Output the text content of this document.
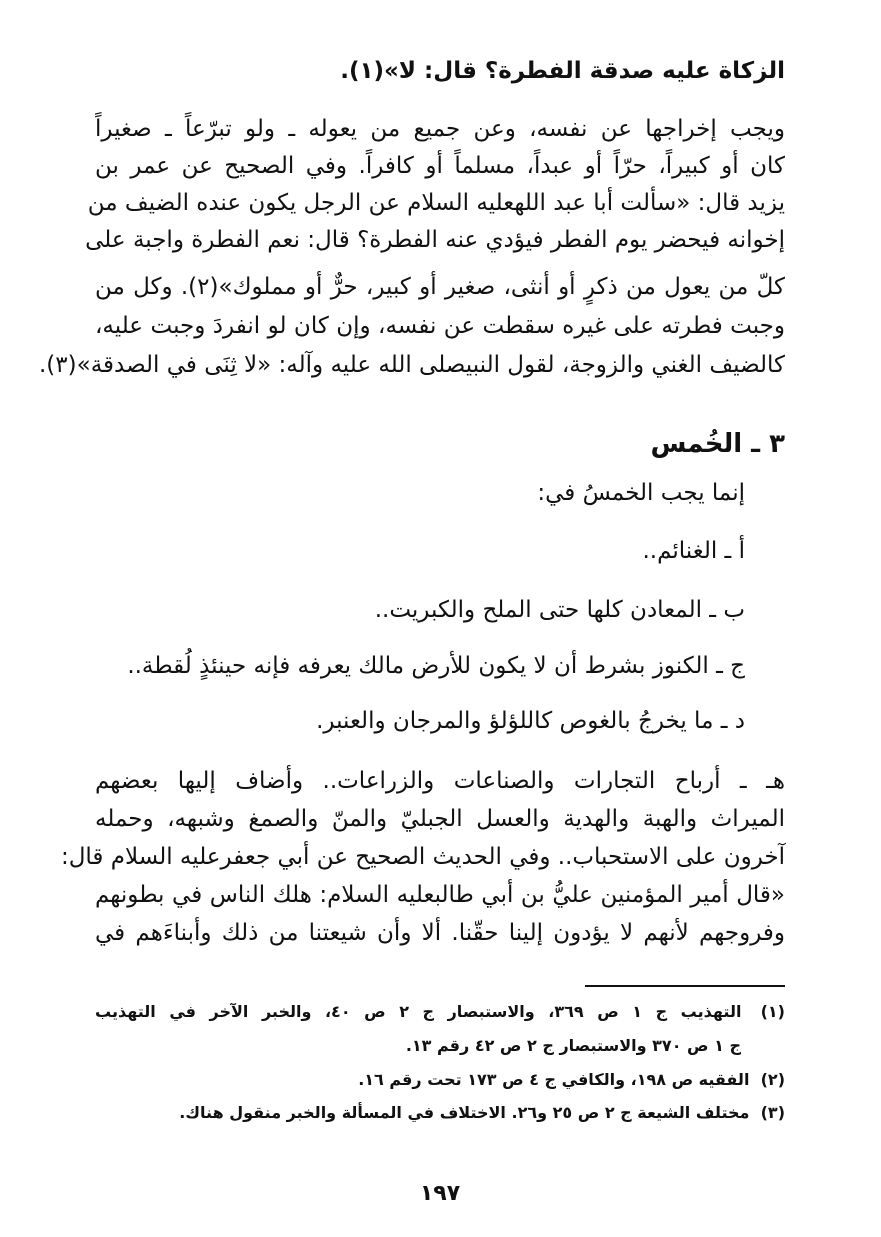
الزكاة عليه صدقة الفطرة؟ قال: لا»(١).
ويجب إخراجها عن نفسه، وعن جميع من يعوله ـ ولو تبرّعاً ـ صغيراً
كان أو كبيراً، حرّاً أو عبداً، مسلماً أو كافراً. وفي الصحيح عن عمر بن
يزيد قال: «سألت أبا عبد اللهعليه السلام عن الرجل يكون عنده الضيف من
إخوانه فيحضر يوم الفطر فيؤدي عنه الفطرة؟ قال: نعم الفطرة واجبة على
كلّ من يعول من ذكرٍ أو أنثى، صغير أو كبير، حرٌّ أو مملوك»(٢). وكل من
وجبت فطرته على غيره سقطت عن نفسه، وإن كان لو انفردَ وجبت عليه،
كالضيف الغني والزوجة، لقول النبيصلى الله عليه وآله: «لا ثِنَى في الصدقة»(٣).
٣ ـ الخُمس
إنما يجب الخمسُ في:
أ ـ الغنائم..
ب ـ المعادن كلها حتى الملح والكبريت..
ج ـ الكنوز بشرط أن لا يكون للأرض مالك يعرفه فإنه حينئذٍ لُقطة..
د ـ ما يخرجُ بالغوص كاللؤلؤ والمرجان والعنبر.
هـ ـ أرباح التجارات والصناعات والزراعات.. وأضاف إليها بعضهم
الميراث والهبة والهدية والعسل الجبليّ والمنّ والصمغ وشبهه، وحمله
آخرون على الاستحباب.. وفي الحديث الصحيح عن أبي جعفرعليه السلام قال:
«قال أمير المؤمنين عليُّ بن أبي طالبعليه السلام: هلك الناس في بطونهم
وفروجهم لأنهم لا يؤدون إلينا حقّنا. ألا وأن شيعتنا من ذلك وأبناءَهم في
(١) التهذيب ج ١ ص ٣٦٩، والاستبصار ج ٢ ص ٤٠، والخبر الآخر في التهذيب
ج ١ ص ٣٧٠ والاستبصار ج ٢ ص ٤٢ رقم ١٣.
(٢) الفقيه ص ١٩٨، والكافي ج ٤ ص ١٧٣ تحت رقم ١٦.
(٣) مختلف الشيعة ج ٢ ص ٢٥ و٢٦. الاختلاف في المسألة والخبر منقول هناك.
١٩٧
